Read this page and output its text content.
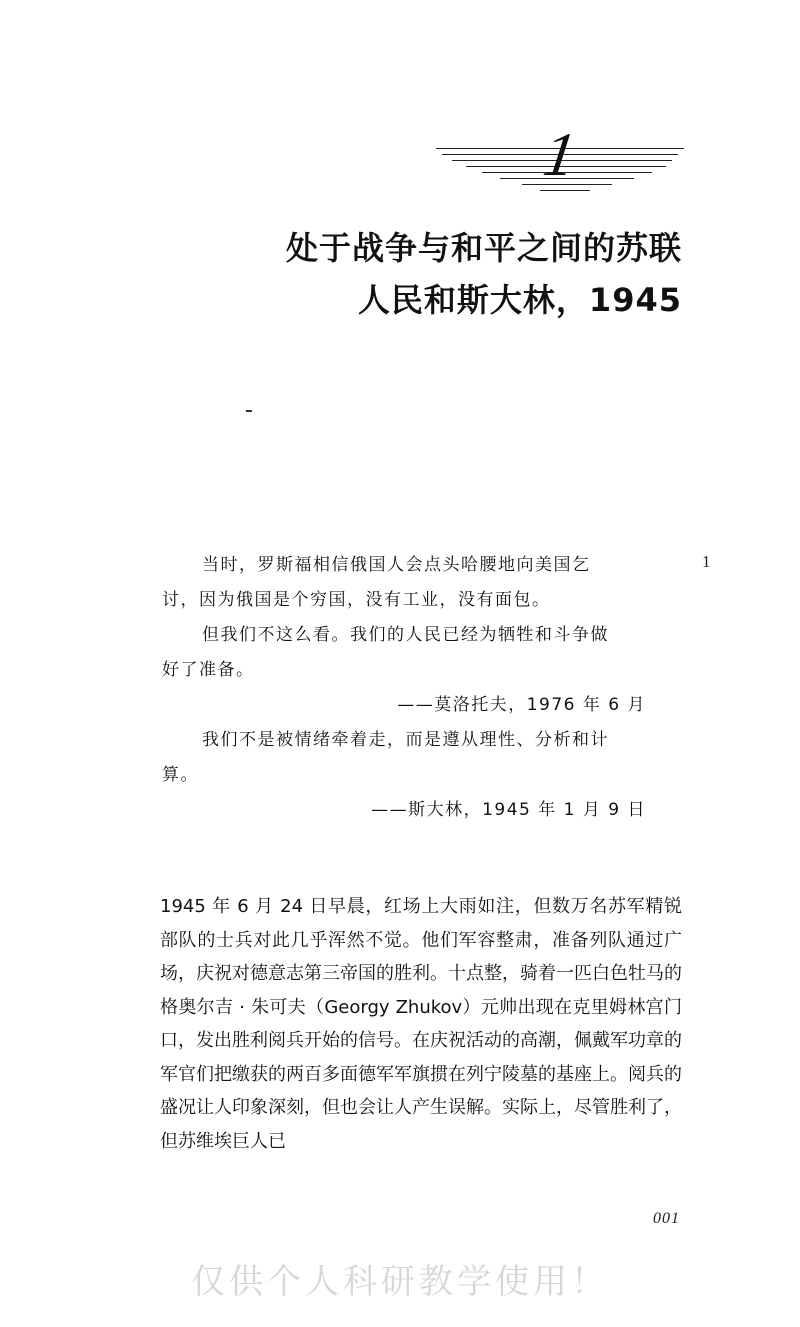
1
处于战争与和平之间的苏联
人民和斯大林，1945
1

当时，罗斯福相信俄国人会点头哈腰地向美国乞

讨，因为俄国是个穷国，没有工业，没有面包。

但我们不这么看。我们的人民已经为牺牲和斗争做

好了准备。

——莫洛托夫，1976 年 6 月

我们不是被情绪牵着走，而是遵从理性、分析和计

算。

——斯大林，1945 年 1 月 9 日

1945 年 6 月 24 日早晨，红场上大雨如注，但数万名苏军精锐部队的士兵对此几乎浑然不觉。他们军容整肃，准备列队通过广场，庆祝对德意志第三帝国的胜利。十点整，骑着一匹白色牡马的格奥尔吉 · 朱可夫（Georgy Zhukov）元帅出现在克里姆林宫门口，发出胜利阅兵开始的信号。在庆祝活动的高潮，佩戴军功章的军官们把缴获的两百多面德军军旗掼在列宁陵墓的基座上。阅兵的盛况让人印象深刻，但也会让人产生误解。实际上，尽管胜利了，但苏维埃巨人已

001
仅供个人科研教学使用！
